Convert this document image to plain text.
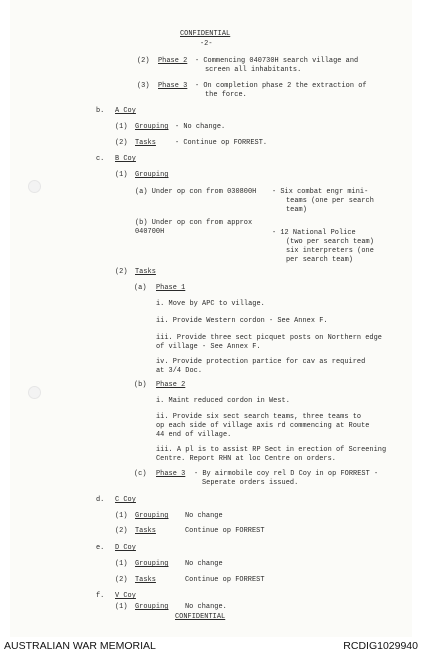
CONFIDENTIAL
-2-
(2) Phase 2 - Commencing 040730H search village and
screen all inhabitants.
(3) Phase 3 - On completion phase 2 the extraction of
the force.
b. A Coy
(1) Grouping - No change.
(2) Tasks	- Continue op FORREST.
c. B Coy
(1) Grouping
(a) Under op con from 030800H - Six combat engr mini-
teams (one per search
team)
(b) Under op con from approx
040700H	- 12 National Police
(two per search team)
six interpreters (one
per search team)
(2) Tasks
(a) Phase 1
i. Move by APC to village.
ii. Provide Western cordon - See Annex F.
iii. Provide three sect picquet posts on Northern edge
of village - See Annex F.
iv. Provide protection partice for cav as required
at 3/4 Doc.
(b) Phase 2
i. Maint reduced cordon in West.
ii. Provide six sect search teams, three teams to
op each side of village axis rd commencing at Route
44 end of village.
iii. A pl is to assist RP Sect in erection of Screening
Centre. Report RHN at loc Centre on orders.
(c) Phase 3 - By airmobile coy rel D Coy in op FORREST -
Seperate orders issued.
d. C Coy
(1) Grouping No change
(2) Tasks	Continue op FORREST
e. D Coy
(1) Grouping No change
(2) Tasks	Continue op FORREST
f. V Coy
(1) Grouping No change.
CONFIDENTIAL
AUSTRALIAN WAR MEMORIAL	RCDIG1029940
